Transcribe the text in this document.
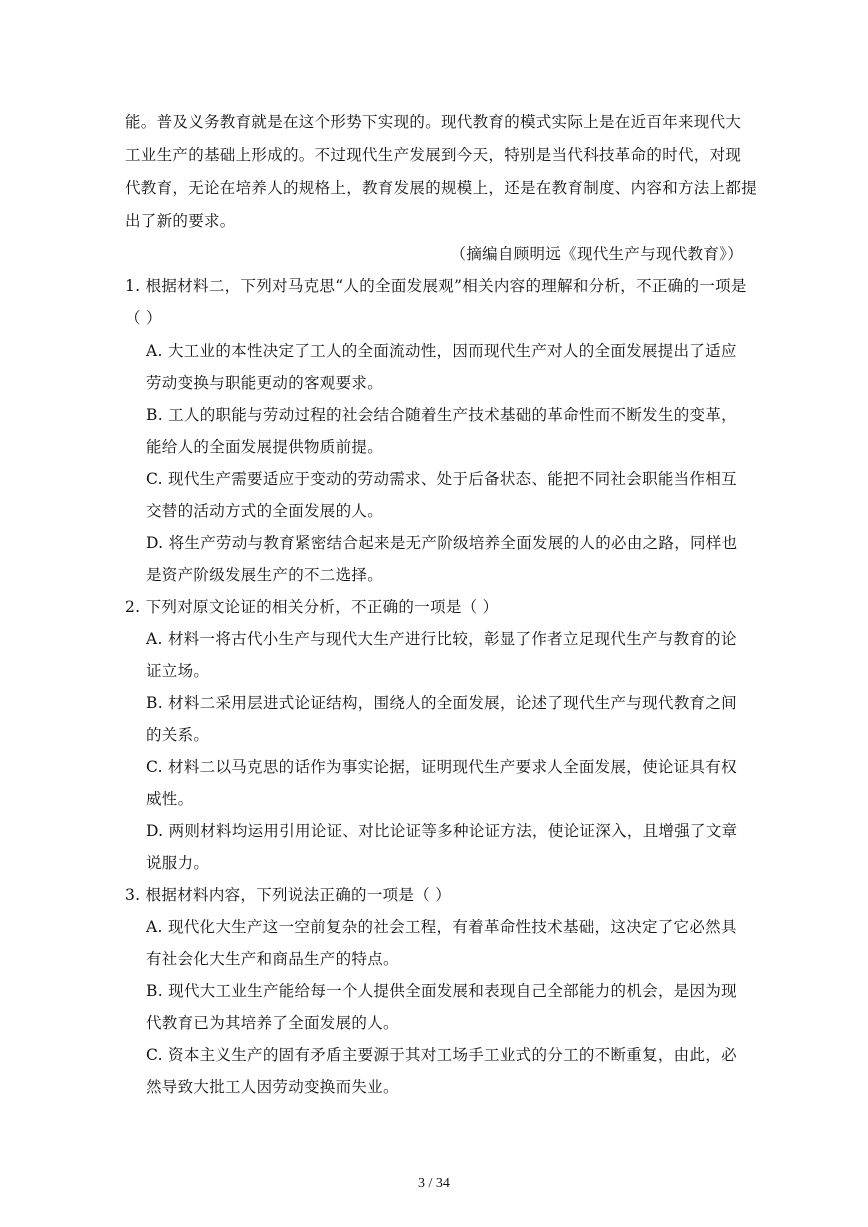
能。普及义务教育就是在这个形势下实现的。现代教育的模式实际上是在近百年来现代大
工业生产的基础上形成的。不过现代生产发展到今天，特别是当代科技革命的时代，对现
代教育，无论在培养人的规格上，教育发展的规模上，还是在教育制度、内容和方法上都提
出了新的要求。
（摘编自顾明远《现代生产与现代教育》）
1. 根据材料二，下列对马克思“人的全面发展观”相关内容的理解和分析，不正确的一项是
（ ）
A. 大工业的本性决定了工人的全面流动性，因而现代生产对人的全面发展提出了适应
劳动变换与职能更动的客观要求。
B. 工人的职能与劳动过程的社会结合随着生产技术基础的革命性而不断发生的变革，
能给人的全面发展提供物质前提。
C. 现代生产需要适应于变动的劳动需求、处于后备状态、能把不同社会职能当作相互
交替的活动方式的全面发展的人。
D. 将生产劳动与教育紧密结合起来是无产阶级培养全面发展的人的必由之路，同样也
是资产阶级发展生产的不二选择。
2. 下列对原文论证的相关分析，不正确的一项是（ ）
A. 材料一将古代小生产与现代大生产进行比较，彰显了作者立足现代生产与教育的论
证立场。
B. 材料二采用层进式论证结构，围绕人的全面发展，论述了现代生产与现代教育之间
的关系。
C. 材料二以马克思的话作为事实论据，证明现代生产要求人全面发展，使论证具有权
威性。
D. 两则材料均运用引用论证、对比论证等多种论证方法，使论证深入，且增强了文章
说服力。
3. 根据材料内容，下列说法正确的一项是（ ）
A. 现代化大生产这一空前复杂的社会工程，有着革命性技术基础，这决定了它必然具
有社会化大生产和商品生产的特点。
B. 现代大工业生产能给每一个人提供全面发展和表现自己全部能力的机会，是因为现
代教育已为其培养了全面发展的人。
C. 资本主义生产的固有矛盾主要源于其对工场手工业式的分工的不断重复，由此，必
然导致大批工人因劳动变换而失业。
3 / 34
